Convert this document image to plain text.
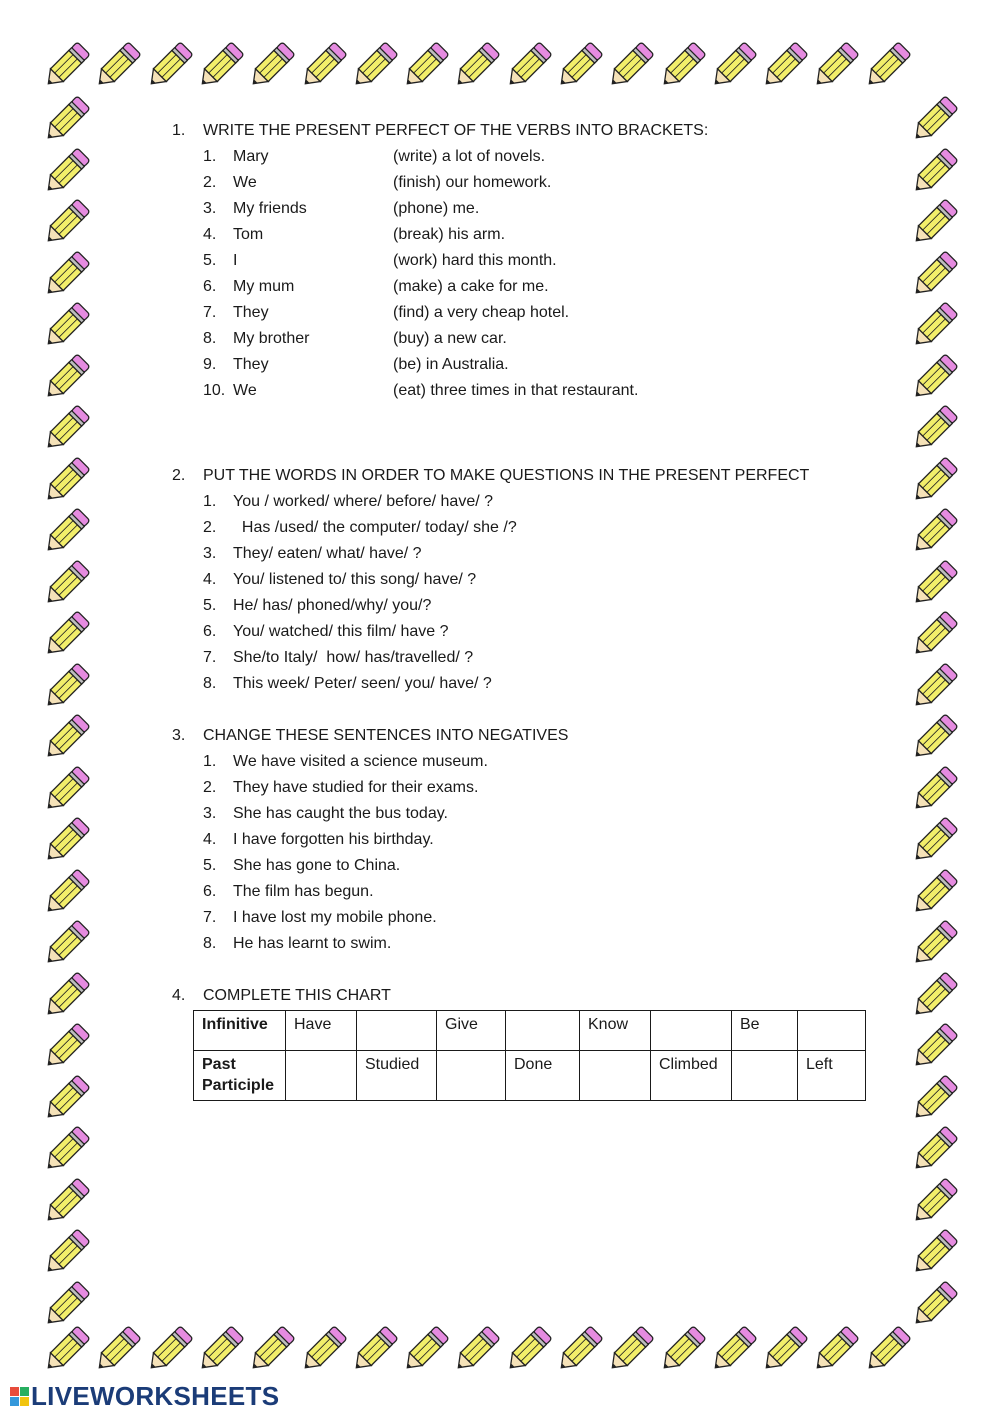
1.	WRITE THE PRESENT PERFECT OF THE VERBS INTO BRACKETS:
1.	Mary	(write) a lot of novels.
2.	We	(finish) our homework.
3.	My friends	(phone) me.
4.	Tom	(break) his arm.
5.	I	(work) hard this month.
6.	My mum	(make) a cake for me.
7.	They	(find) a very cheap hotel.
8.	My brother	(buy) a new car.
9.	They	(be) in Australia.
10. We	(eat) three times in that restaurant.
2.	PUT THE WORDS IN ORDER TO MAKE QUESTIONS IN THE PRESENT PERFECT
1.	You / worked/ where/ before/ have/ ?
2.	Has /used/ the computer/ today/ she /?
3.	They/ eaten/ what/ have/ ?
4.	You/ listened to/ this song/ have/ ?
5.	He/ has/ phoned/why/ you/?
6.	You/ watched/ this film/ have ?
7.	She/to Italy/  how/ has/travelled/ ?
8.	This week/ Peter/ seen/ you/ have/ ?
3.	CHANGE THESE SENTENCES INTO NEGATIVES
1.	We have visited a science museum.
2.	They have studied for their exams.
3.	She has caught the bus today.
4.	I have forgotten his birthday.
5.	She has gone to China.
6.	The film has begun.
7.	I have lost my mobile phone.
8.	He has learnt to swim.
4.	COMPLETE THIS CHART
Infinitive	Have		Give		Know		Be	
Past
Participle		Studied		Done		Climbed		Left
LIVEWORKSHEETS
